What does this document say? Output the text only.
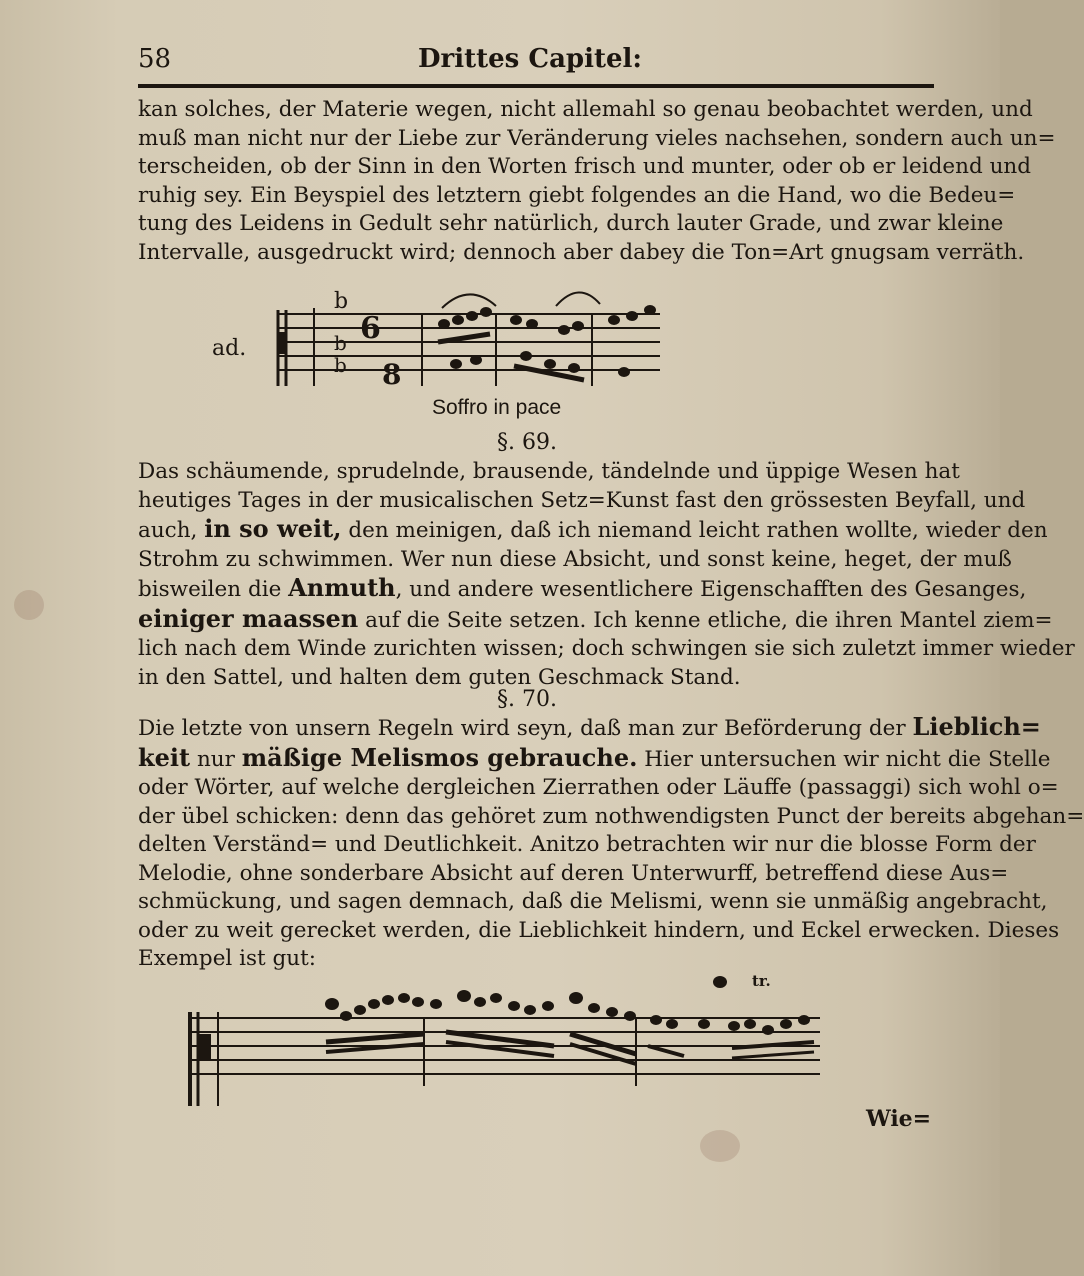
58	Drittes Capitel:
kan solches, der Materie wegen, nicht allemahl so genau beobachtet werden, und
muß man nicht nur der Liebe zur Veränderung vieles nachsehen, sondern auch un=
terscheiden, ob der Sinn in den Worten frisch und munter, oder ob er leidend und
ruhig sey. Ein Beyspiel des letztern giebt folgendes an die Hand, wo die Bedeu=
tung des Leidens in Gedult sehr natürlich, durch lauter Grade, und zwar kleine
Intervalle, ausgedruckt wird; dennoch aber dabey die Ton=Art gnugsam verräth.
ad.
b
b
b
6
8
Soffro in pace
§. 69.
Das schäumende, sprudelnde, brausende, tändelnde und üppige Wesen hat
heutiges Tages in der musicalischen Setz=Kunst fast den grössesten Beyfall, und
auch, in so weit, den meinigen, daß ich niemand leicht rathen wollte, wieder den
Strohm zu schwimmen. Wer nun diese Absicht, und sonst keine, heget, der muß
bisweilen die Anmuth, und andere wesentlichere Eigenschafften des Gesanges,
einiger maassen auf die Seite setzen. Ich kenne etliche, die ihren Mantel ziem=
lich nach dem Winde zurichten wissen; doch schwingen sie sich zuletzt immer wieder
in den Sattel, und halten dem guten Geschmack Stand.
§. 70.
Die letzte von unsern Regeln wird seyn, daß man zur Beförderung der Lieblich=
keit nur mäßige Melismos gebrauche. Hier untersuchen wir nicht die Stelle
oder Wörter, auf welche dergleichen Zierrathen oder Läuffe (passaggi) sich wohl o=
der übel schicken: denn das gehöret zum nothwendigsten Punct der bereits abgehan=
delten Verständ= und Deutlichkeit. Anitzo betrachten wir nur die blosse Form der
Melodie, ohne sonderbare Absicht auf deren Unterwurff, betreffend diese Aus=
schmückung, und sagen demnach, daß die Melismi, wenn sie unmäßig angebracht,
oder zu weit gerecket werden, die Lieblichkeit hindern, und Eckel erwecken. Dieses
Exempel ist gut:
tr.
Wie=
